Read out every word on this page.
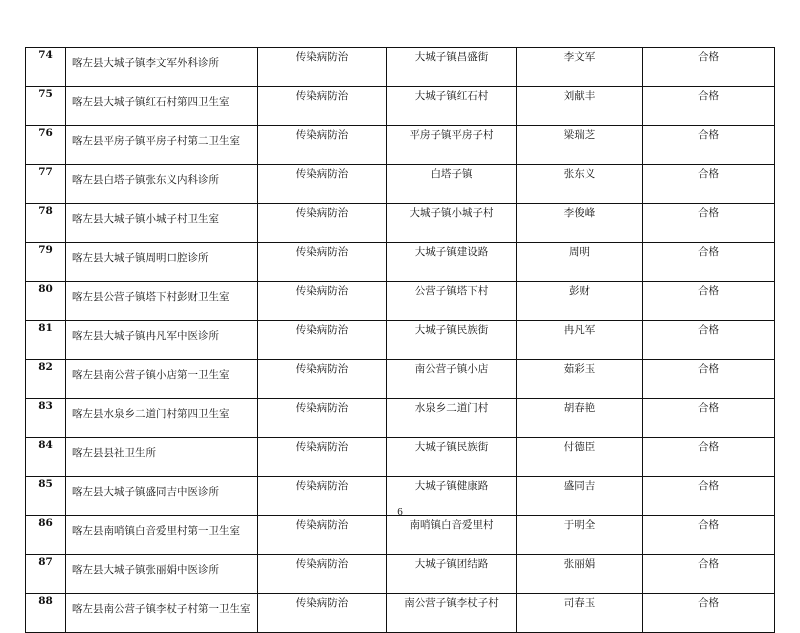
74	喀左县大城子镇李文军外科诊所	传染病防治	大城子镇昌盛街	李文军	合格
75	喀左县大城子镇红石村第四卫生室	传染病防治	大城子镇红石村	刘献丰	合格
76	喀左县平房子镇平房子村第二卫生室	传染病防治	平房子镇平房子村	梁瑞芝	合格
77	喀左县白塔子镇张东义内科诊所	传染病防治	白塔子镇	张东义	合格
78	喀左县大城子镇小城子村卫生室	传染病防治	大城子镇小城子村	李俊峰	合格
79	喀左县大城子镇周明口腔诊所	传染病防治	大城子镇建设路	周明	合格
80	喀左县公营子镇塔下村彭财卫生室	传染病防治	公营子镇塔下村	彭财	合格
81	喀左县大城子镇冉凡军中医诊所	传染病防治	大城子镇民族街	冉凡军	合格
82	喀左县南公营子镇小店第一卫生室	传染病防治	南公营子镇小店	茹彩玉	合格
83	喀左县水泉乡二道门村第四卫生室	传染病防治	水泉乡二道门村	胡春艳	合格
84	喀左县县社卫生所	传染病防治	大城子镇民族街	付德臣	合格
85	喀左县大城子镇盛同吉中医诊所	传染病防治	大城子镇健康路	盛同吉	合格
86	喀左县南哨镇白音爱里村第一卫生室	传染病防治	南哨镇白音爱里村	于明全	合格
87	喀左县大城子镇张丽娟中医诊所	传染病防治	大城子镇团结路	张丽娟	合格
88	喀左县南公营子镇李杖子村第一卫生室	传染病防治	南公营子镇李杖子村	司春玉	合格
6
